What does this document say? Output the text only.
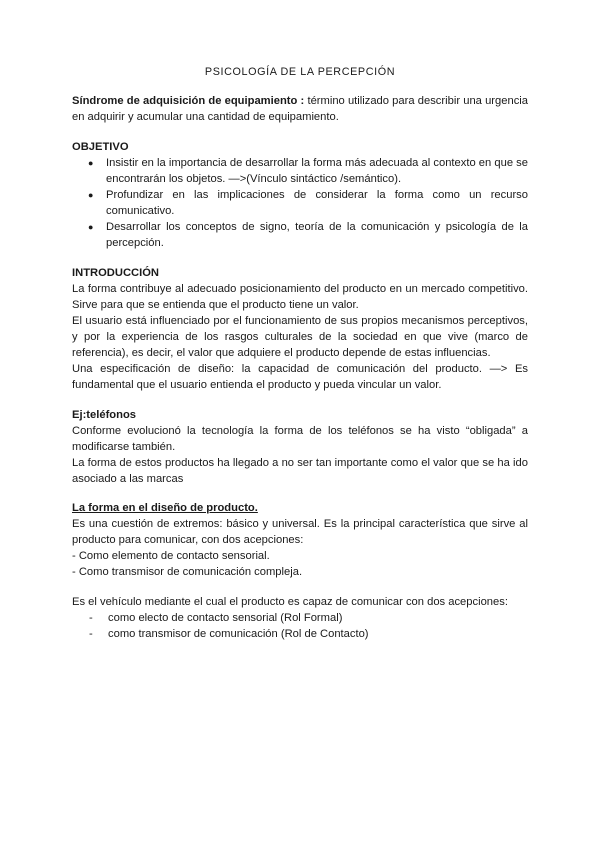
PSICOLOGÍA DE LA PERCEPCIÓN

Síndrome de adquisición de equipamiento : término utilizado para describir una urgencia en adquirir y acumular una cantidad de equipamiento.

OBJETIVO
● Insistir en la importancia de desarrollar la forma más adecuada al contexto en que se encontrarán los objetos. —>(Vínculo sintáctico /semántico).
● Profundizar en las implicaciones de considerar la forma como un recurso comunicativo.
● Desarrollar los conceptos de signo, teoría de la comunicación y psicología de la percepción.
INTRODUCCIÓN

La forma contribuye al adecuado posicionamiento del producto en un mercado competitivo. Sirve para que se entienda que el producto tiene un valor.

El usuario está influenciado por el funcionamiento de sus propios mecanismos perceptivos, y por la experiencia de los rasgos culturales de la sociedad en que vive (marco de referencia), es decir, el valor que adquiere el producto depende de estas influencias.

Una especificación de diseño: la capacidad de comunicación del producto. —> Es fundamental que el usuario entienda el producto y pueda vincular un valor.

Ej:teléfonos

Conforme evolucionó la tecnología la forma de los teléfonos se ha visto “obligada” a modificarse también.

La forma de estos productos ha llegado a no ser tan importante como el valor que se ha ido asociado a las marcas

La forma en el diseño de producto.

Es una cuestión de extremos: básico y universal. Es la principal característica que sirve al producto para comunicar, con dos acepciones:

- Como elemento de contacto sensorial.

- Como transmisor de comunicación compleja.

Es el vehículo mediante el cual el producto es capaz de comunicar con dos acepciones:

- como electo de contacto sensorial (Rol Formal)
- como transmisor de comunicación (Rol de Contacto)
